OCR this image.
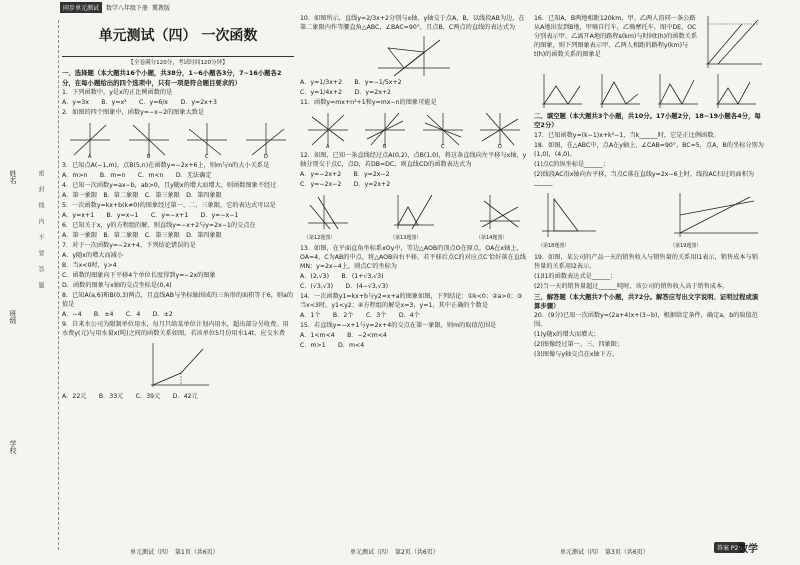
同步单元测试	数学八年级下册 冀教版
姓名
班级
学校
密封线内不要答题
单元测试（四） 一次函数
【全卷满分120分，考试时间120分钟】
一、选择题（本大题共16个小题，共38分，1~6小题各3分，7~16小题各2分，在每小题给出的四个选项中，只有一项是符合题目要求的）
1．下列函数中，y是x的正比例函数的是
A．y=3x　　B．y=x²　　C．y=6/x　　D．y=2x+3
2．如图的四个图象中，函数y=−x−2的图象大致是
A	B	C	D
3．已知点A(−1,m)，点B(5,n)在函数y=−2x+6上，则m与n的大小关系是
A．m>n　　B．m=n　　C．m<n　　D．无法确定
4．已知一次函数y=ax−b，ab>0，且y随x的增大而增大，则函数图象不经过
A．第一象限　B．第二象限　C．第三象限　D．第四象限
5．一次函数y=kx+b(k≠0)的图象经过第一、二、三象限，它的表达式可以是
A．y=x+1　　B．y=x−1　　C．y=−x+1　　D．y=−x−1
6．已知关于x，y的方程组的解，则直线y=−x+2与y=2x−1的交点在
A．第一象限　B．第二象限　C．第三象限　D．第四象限
7．对于一次函数y=−2x+4，下列结论错误的是
A．y随x的增大而减小
B．当x<0时，y>4
C．函数的图象向下平移4个单位长度得到y=−2x的图象
D．函数的图象与x轴的交点坐标是(0,4)
8．已知A(a,6)和B(0,3)两点，且直线AB与坐标轴围成的三角形的面积等于6，则a的值是
A．−4　　B．±4　　C．4　　D．±2
9．自来水公司为限制单位用水，每月只给某单位计划内用水，超出部分另收费。用水费y(元)与用水量x(吨)之间的函数关系如图，若该单位5月份用水14t，应交水费
A．22元　　B．33元　　C．39元　　D．42元
10．如图所示，直线y=2/3x+2分别与x轴、y轴交于点A，B，以线段AB为边，在第二象限内作等腰直角△ABC，∠BAC=90°，且点B，C两点的直线的表达式为
A．y=1/3x+2　　B．y=−1/5x+2
C．y=1/4x+2　　D．y=2x+2
11．函数y=mx+n²+1和y=mx−n的图象可能是
A	B	C	D
12．如图，已知一条直线经过点A(0,2)，点B(1,0)，将这条直线向左平移与x轴、y轴分别交于点C，点D，若DB=DC，则直线CD的函数表达式为
A．y=−2x+2　　B．y=2x−2
C．y=−2x−2　　D．y=2x+2
（第12题图）	（第13题图）	（第14题图）
13．如图，在平面直角坐标系xOy中，等边△AOB的顶点O在原点，OA在x轴上，OA=4，C为AB的中点，将△AOB向右平移，若平移后点C的对应点C′恰好落在直线MN：y=2x−4上，则点C′的坐标为
A．(2,√3)　　B．(1+√3,√3)
C．(√3,√3)　　D．(4−√3,√3)
14．一次函数y1=kx+b与y2=x+a的图象如图，下列结论：①k<0；②a>0；③当x<3时，y1<y2；④方程组的解是x=3，y=1，其中正确的个数是
A．1个　　B．2个　　C．3个　　D．4个
15．若直线y=−x+1与y=2x+4的交点在第一象限，则m的取值范围是
A．1<m<4　　B．−2<m<4
C．m>1　　D．m<4
16．已知A，B两地相距120km，甲、乙两人沿同一条公路从A地出发到B地，甲骑自行车，乙骑摩托车，图中DE，OC分别表示甲、乙离开A地的路程s(km)与时间t(h)的函数关系的图象，则下列图象表示甲、乙两人相距的路程y(km)与t(h)的函数关系的图象是
二、填空题（本大题共3个小题，共10分。17小题2分，18~19小题各4分，每空2分）
17．已知函数y=(k−1)x+k²−1，当k______时，它是正比例函数。
18．如图，在△ABC中，点A在y轴上，∠CAB=90°，BC=5，点A，B的坐标分别为(1,0)，(4,0)。
(1)点C的纵坐标是______；
(2)线段AC沿x轴向右平移，当点C落在直线y=2x−6上时，线段AC扫过的面积为______
（第18题图）	（第19题图）
19．如图，某公司的产品一天的销售收入与销售量的关系用l1表示，销售成本与销售量的关系用l2表示。
(1)l1的函数表达式是______；
(2)当一天的销售量超过______吨时，该公司的销售收入高于销售成本。
三、解答题（本大题共7个小题，共72分。解答应写出文字说明、证明过程或演算步骤）
20．(9分)已知一次函数y=(2a+4)x+(3−b)，根据给定条件，确定a，b的取值范围。
(1)y随x的增大而增大；
(2)图像经过第一、三、四象限；
(3)图像与y轴交点在x轴下方。
单元测试（四）　第1页（共6页）	单元测试（四）　第2页（共6页）	单元测试（四）　第3页（共6页）
答案 P25
数学
